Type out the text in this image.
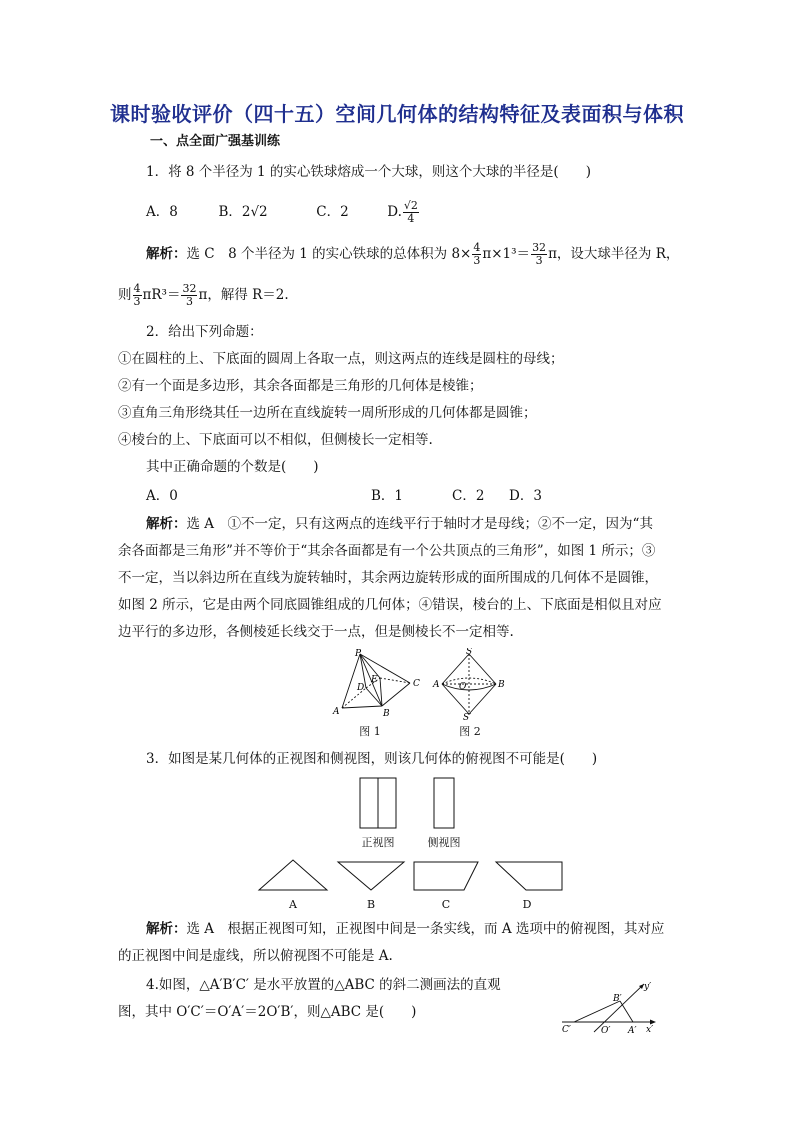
课时验收评价（四十五）空间几何体的结构特征及表面积与体积
一、点全面广强基训练
1．将 8 个半径为 1 的实心铁球熔成一个大球，则这个大球的半径是(　　)
A．8	B．2√2	C．2	D. $\frac{√2}{4}$
解析：选 C　8 个半径为 1 的实心铁球的总体积为 $8\times \frac{4}{3} \pi\times 1^3= \frac{32}{3}$ π，设大球半径为 R，
则 $\frac{4}{3} \pi R^3= \frac{32}{3}$ π，解得 R＝2.
2．给出下列命题：
①在圆柱的上、下底面的圆周上各取一点，则这两点的连线是圆柱的母线；
②有一个面是多边形，其余各面都是三角形的几何体是棱锥；
③直角三角形绕其任一边所在直线旋转一周所形成的几何体都是圆锥；
④棱台的上、下底面可以不相似，但侧棱长一定相等.
其中正确命题的个数是(　　)
A．0	B．1	C．2 D．3
解析：选 A　①不一定，只有这两点的连线平行于轴时才是母线；②不一定，因为“其
余各面都是三角形”并不等价于“其余各面都是有一个公共顶点的三角形”，如图 1 所示；③
不一定，当以斜边所在直线为旋转轴时，其余两边旋转形成的面所围成的几何体不是圆锥，
如图 2 所示，它是由两个同底圆锥组成的几何体；④错误，棱台的上、下底面是相似且对应
边平行的多边形，各侧棱延长线交于一点，但是侧棱长不一定相等.
P
D
E	C
A	B
图 1
S
A O	B
S′
图 2
3．如图是某几何体的正视图和侧视图，则该几何体的俯视图不可能是(　　)
正视图	侧视图
A	B	C	D
解析：选 A　根据正视图可知，正视图中间是一条实线，而 A 选项中的俯视图，其对应
的正视图中间是虚线，所以俯视图不可能是 A.
4.如图，△A′B′C′ 是水平放置的△ABC 的斜二测画法的直观
图，其中 O′C′＝O′A′＝2O′B′，则△ABC 是(　　)
y′
B′
C′	O′ A′ x′
